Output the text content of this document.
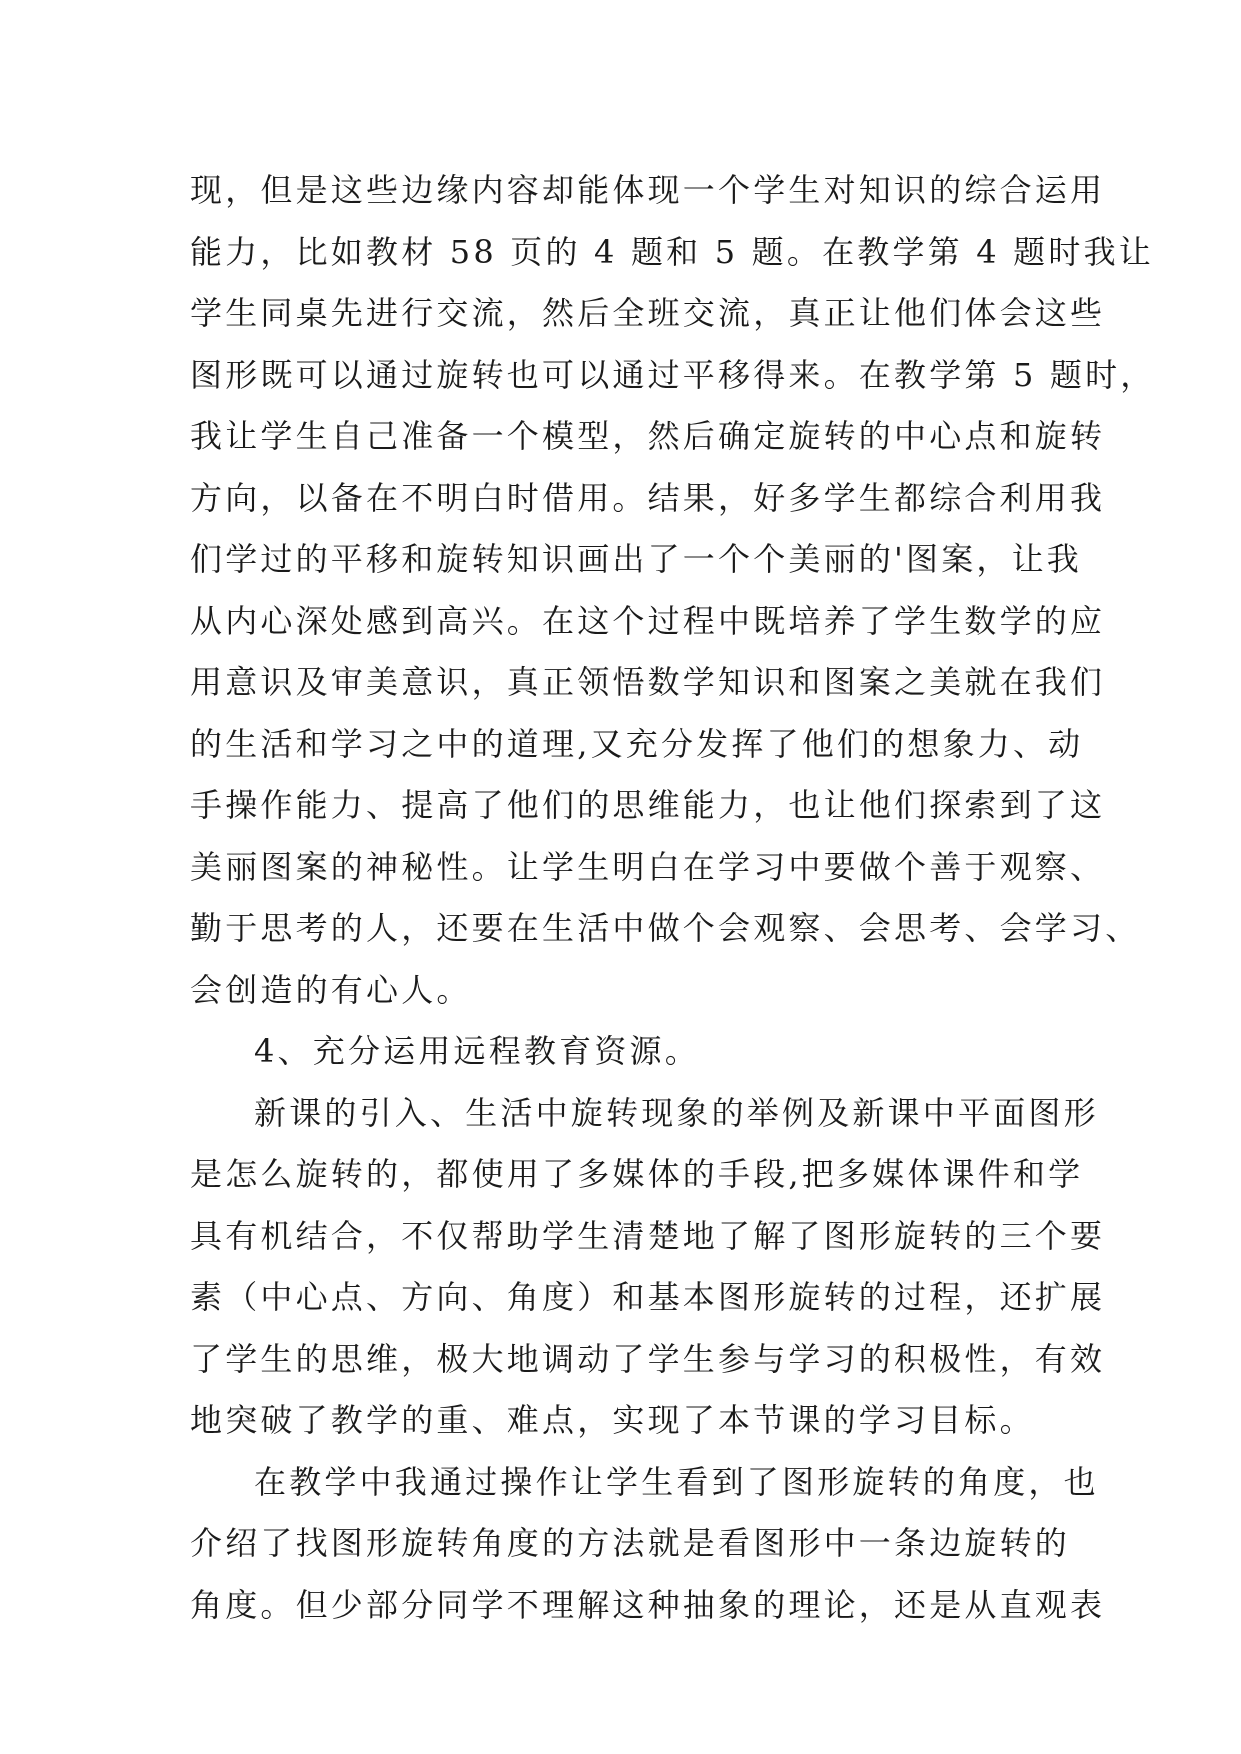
现，但是这些边缘内容却能体现一个学生对知识的综合运用
能力，比如教材 58 页的 4 题和 5 题。在教学第 4 题时我让
学生同桌先进行交流，然后全班交流，真正让他们体会这些
图形既可以通过旋转也可以通过平移得来。在教学第 5 题时，
我让学生自己准备一个模型，然后确定旋转的中心点和旋转
方向，以备在不明白时借用。结果，好多学生都综合利用我
们学过的平移和旋转知识画出了一个个美丽的'图案，让我
从内心深处感到高兴。在这个过程中既培养了学生数学的应
用意识及审美意识，真正领悟数学知识和图案之美就在我们
的生活和学习之中的道理,又充分发挥了他们的想象力、动
手操作能力、提高了他们的思维能力，也让他们探索到了这
美丽图案的神秘性。让学生明白在学习中要做个善于观察、
勤于思考的人，还要在生活中做个会观察、会思考、会学习、
会创造的有心人。
4、充分运用远程教育资源。
新课的引入、生活中旋转现象的举例及新课中平面图形
是怎么旋转的，都使用了多媒体的手段,把多媒体课件和学
具有机结合，不仅帮助学生清楚地了解了图形旋转的三个要
素（中心点、方向、角度）和基本图形旋转的过程，还扩展
了学生的思维，极大地调动了学生参与学习的积极性，有效
地突破了教学的重、难点，实现了本节课的学习目标。
在教学中我通过操作让学生看到了图形旋转的角度，也
介绍了找图形旋转角度的方法就是看图形中一条边旋转的
角度。但少部分同学不理解这种抽象的理论，还是从直观表
